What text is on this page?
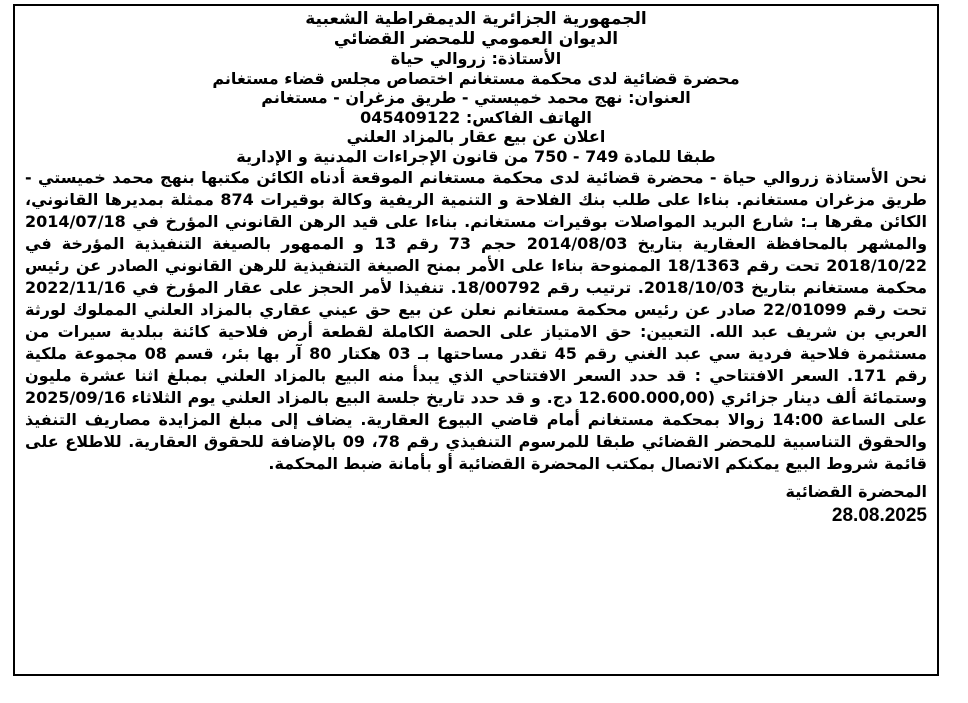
الجمهورية الجزائرية الديمقراطية الشعبية

الديوان العمومي للمحضر القضائي

الأستاذة: زروالي حياة

محضرة قضائية لدى محكمة مستغانم اختصاص مجلس قضاء مستغانم

العنوان: نهج محمد خميستي - طريق مزغران - مستغانم

الهاتف الفاكس: 045409122

اعلان عن بيع عقار بالمزاد العلني

طبقا للمادة 749 - 750 من قانون الإجراءات المدنية و الإدارية

نحن الأستاذة زروالي حياة - محضرة قضائية لدى محكمة مستغانم الموقعة أدناه الكائن مكتبها بنهج محمد خميستي - طريق مزغران مستغانم. بناءا على طلب بنك الفلاحة و التنمية الريفية وكالة بوقيرات 874 ممثلة بمديرها القانوني، الكائن مقرها بـ: شارع البريد المواصلات بوقيرات مستغانم. بناءا على قيد الرهن القانوني المؤرخ في 2014/07/18 والمشهر بالمحافظة العقارية بتاريخ 2014/08/03 حجم 73 رقم 13 و الممهور بالصيغة التنفيذية المؤرخة في 2018/10/22 تحت رقم 18/1363 الممنوحة بناءا على الأمر بمنح الصيغة التنفيذية للرهن القانوني الصادر عن رئيس محكمة مستغانم بتاريخ 2018/10/03. ترتيب رقم 18/00792. تنفيذا لأمر الحجز على عقار المؤرخ في 2022/11/16 تحت رقم 22/01099 صادر عن رئيس محكمة مستغانم نعلن عن بيع حق عيني عقاري بالمزاد العلني المملوك لورثة العربي بن شريف عبد الله. التعيين: حق الامتياز على الحصة الكاملة لقطعة أرض فلاحية كائنة ببلدية سيرات من مستثمرة فلاحية فردية سي عبد الغني رقم 45 تقدر مساحتها بـ 03 هكتار 80 آر بها بئر، قسم 08 مجموعة ملكية رقم 171. السعر الافتتاحي : قد حدد السعر الافتتاحي الذي يبدأ منه البيع بالمزاد العلني بمبلغ اثنا عشرة مليون وستمائة ألف دينار جزائري (12.600.000,00 دج. و قد حدد تاريخ جلسة البيع بالمزاد العلني يوم الثلاثاء 2025/09/16 على الساعة 14:00 زوالا بمحكمة مستغانم أمام قاضي البيوع العقارية. يضاف إلى مبلغ المزايدة مصاريف التنفيذ والحقوق التناسبية للمحضر القضائي طبقا للمرسوم التنفيذي رقم 78، 09 بالإضافة للحقوق العقارية. للاطلاع على قائمة شروط البيع يمكنكم الاتصال بمكتب المحضرة القضائية أو بأمانة ضبط المحكمة.

المحضرة القضائية
28.08.2025
